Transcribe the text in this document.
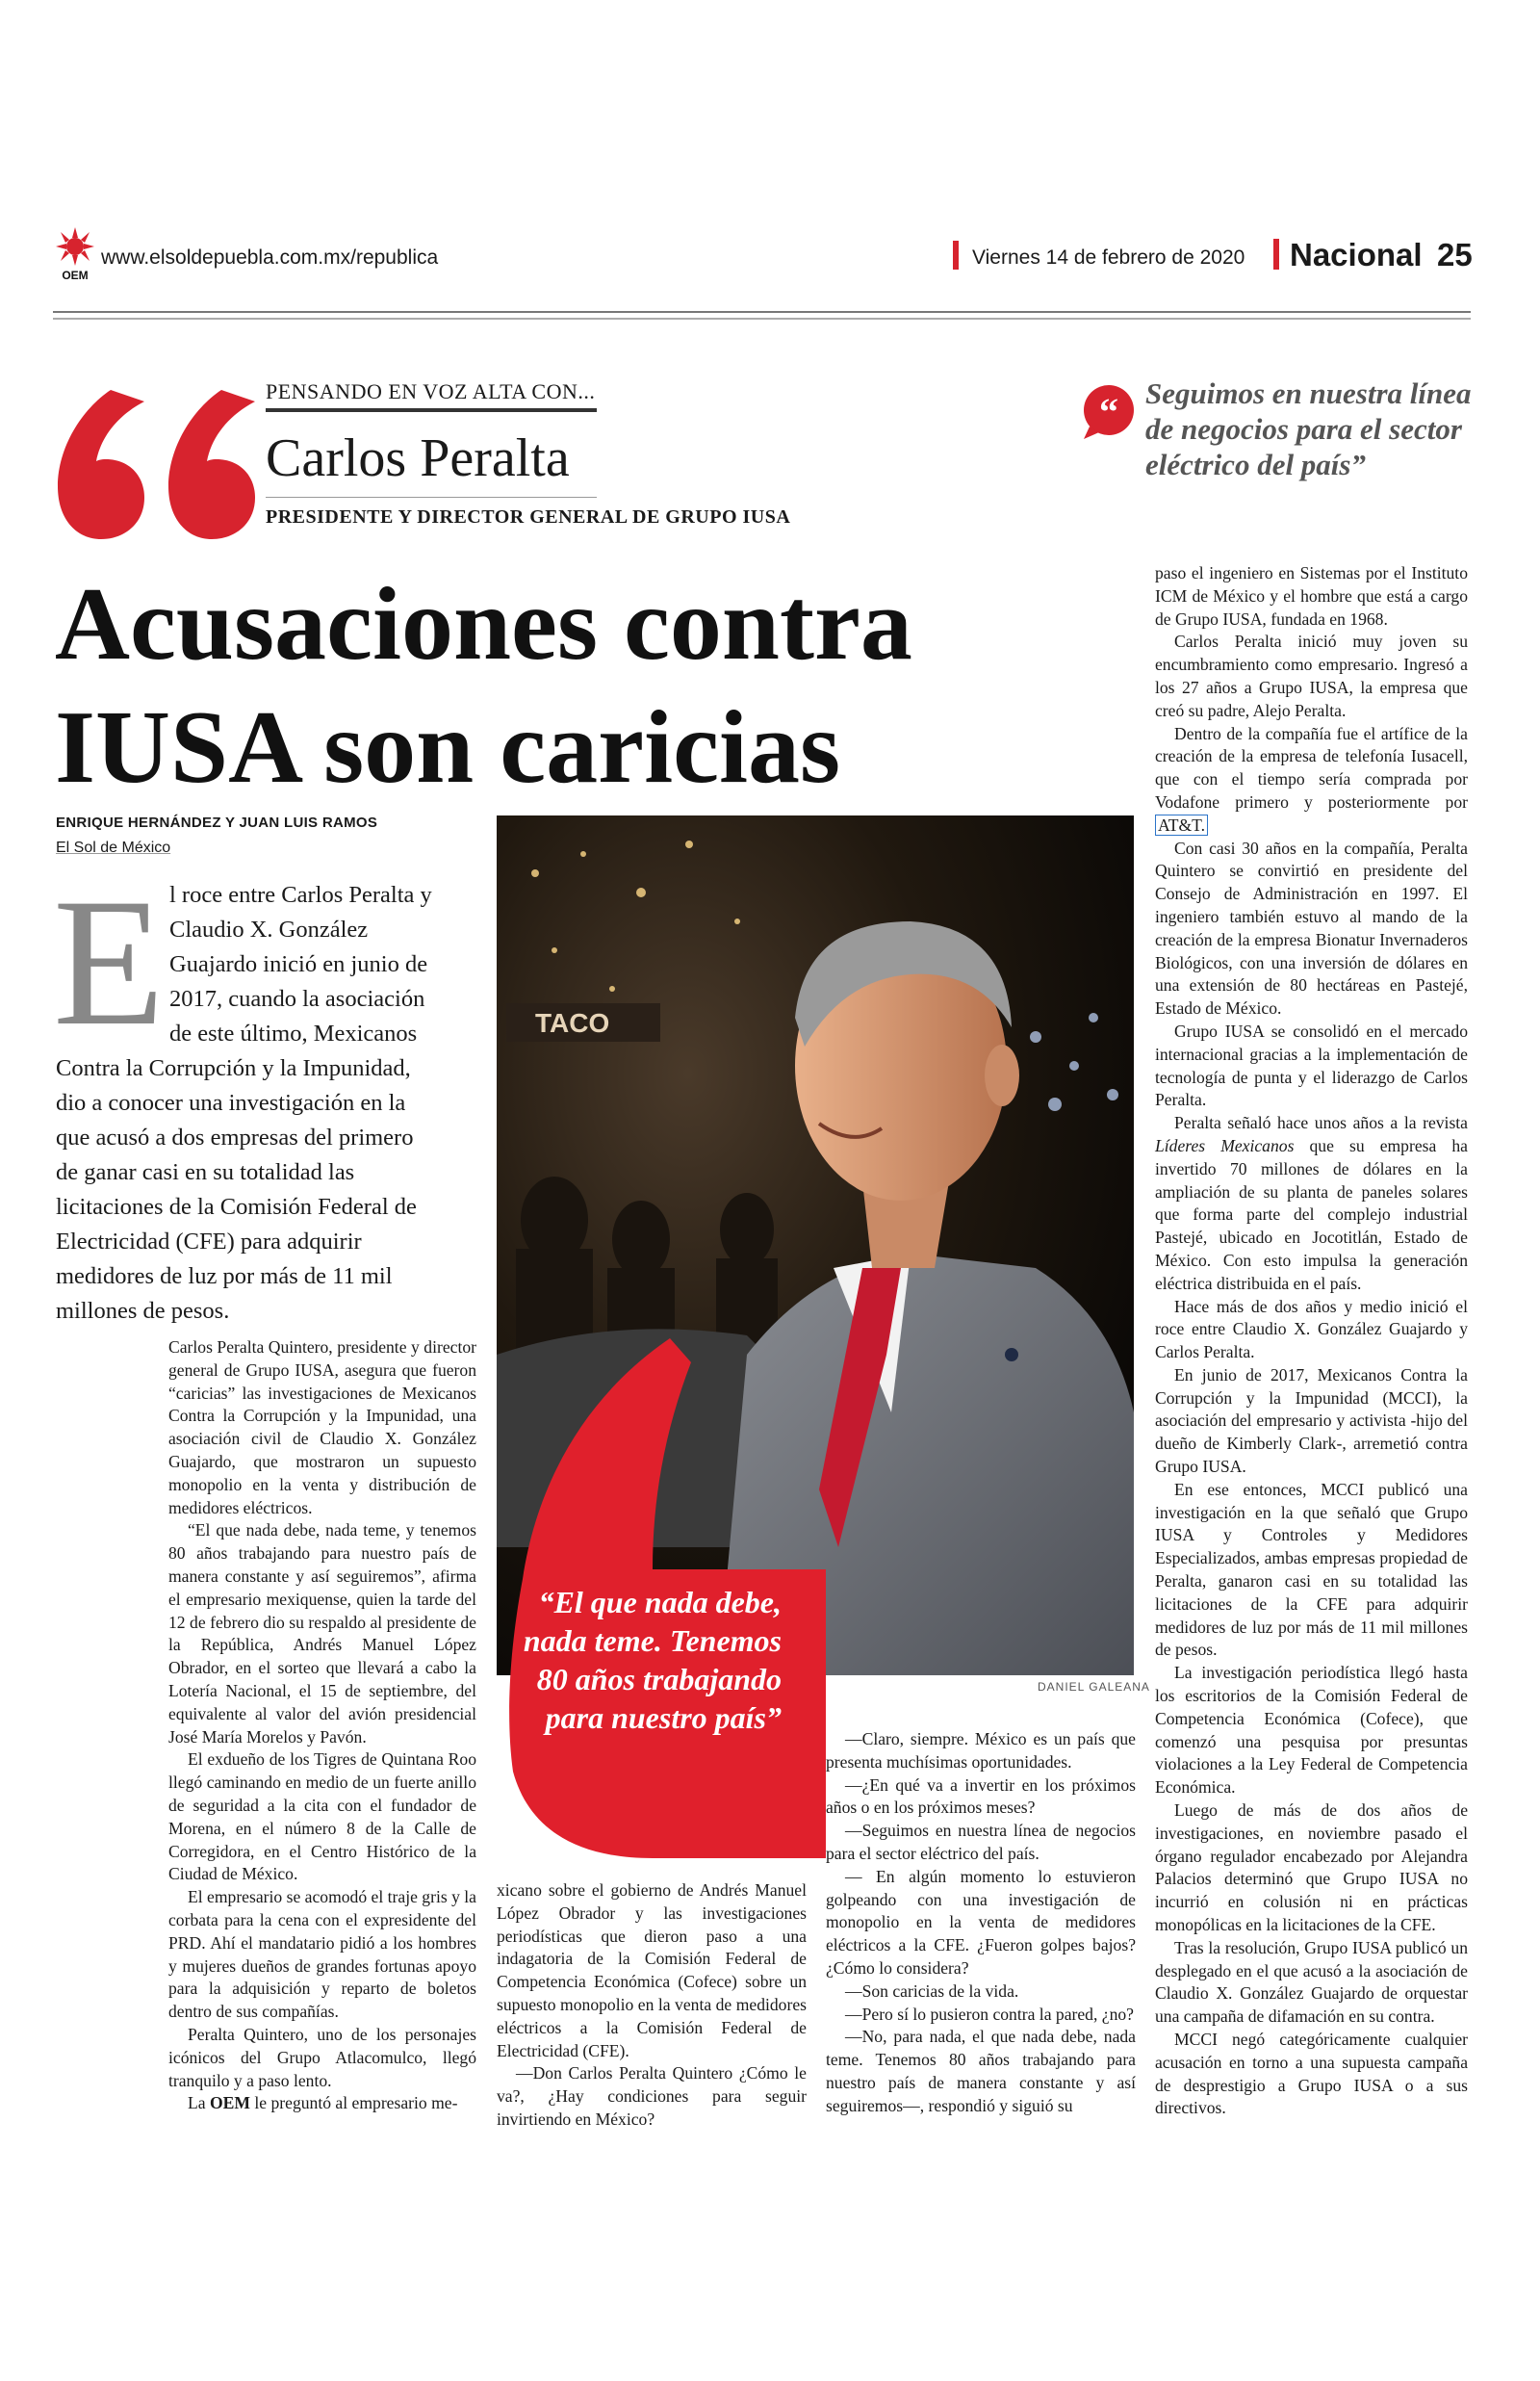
OEM
www.elsoldepuebla.com.mx/republica	Viernes 14 de febrero de 2020 Nacional 25
PENSANDO EN VOZ ALTA CON...
Carlos Peralta
PRESIDENTE Y DIRECTOR GENERAL DE GRUPO IUSA
“ Seguimos en nuestra línea de negocios para el sector eléctrico del país”
Acusaciones contra
IUSA son caricias
ENRIQUE HERNÁNDEZ Y JUAN LUIS RAMOS
El Sol de México
E l roce entre Carlos Peralta y
Claudio X. González
Guajardo inició en junio de
2017, cuando la asociación
de este último, Mexicanos
Contra la Corrupción y la Impunidad,
dio a conocer una investigación en la
que acusó a dos empresas del primero
de ganar casi en su totalidad las
licitaciones de la Comisión Federal de
Electricidad (CFE) para adquirir
medidores de luz por más de 11 mil
millones de pesos.

Carlos Peralta Quintero, presidente y director general de Grupo IUSA, asegura que fueron “caricias” las investigaciones de Mexicanos Contra la Corrupción y la Impunidad, una asociación civil de Claudio X. González Guajardo, que mostraron un supuesto monopolio en la venta y distribución de medidores eléctricos.

“El que nada debe, nada teme, y tenemos 80 años trabajando para nuestro país de manera constante y así seguiremos”, afirma el empresario mexiquense, quien la tarde del 12 de febrero dio su respaldo al presidente de la República, Andrés Manuel López Obrador, en el sorteo que llevará a cabo la Lotería Nacional, el 15 de septiembre, del equivalente al valor del avión presidencial José María Morelos y Pavón.

El exdueño de los Tigres de Quintana Roo llegó caminando en medio de un fuerte anillo de seguridad a la cita con el fundador de Morena, en el número 8 de la Calle de Corregidora, en el Centro Histórico de la Ciudad de México.

El empresario se acomodó el traje gris y la corbata para la cena con el expresidente del PRD. Ahí el mandatario pidió a los hombres y mujeres dueños de grandes fortunas apoyo para la adquisición y reparto de boletos dentro de sus compañías.

Peralta Quintero, uno de los personajes icónicos del Grupo Atlacomulco, llegó tranquilo y a paso lento.

La OEM le preguntó al empresario me-

TACO
DANIEL GALEANA
“El que nada debe, nada teme. Tenemos 80 años trabajando para nuestro país”

xicano sobre el gobierno de Andrés Manuel López Obrador y las investigaciones periodísticas que dieron paso a una indagatoria de la Comisión Federal de Competencia Económica (Cofece) sobre un supuesto monopolio en la venta de medidores eléctricos a la Comisión Federal de Electricidad (CFE).

—Don Carlos Peralta Quintero ¿Cómo le va?, ¿Hay condiciones para seguir invirtiendo en México?

—Claro, siempre. México es un país que presenta muchísimas oportunidades.

—¿En qué va a invertir en los próximos años o en los próximos meses?

—Seguimos en nuestra línea de negocios para el sector eléctrico del país.

— En algún momento lo estuvieron golpeando con una investigación de monopolio en la venta de medidores eléctricos a la CFE. ¿Fueron golpes bajos? ¿Cómo lo considera?

—Son caricias de la vida.

—Pero sí lo pusieron contra la pared, ¿no?

—No, para nada, el que nada debe, nada teme. Tenemos 80 años trabajando para nuestro país de manera constante y así seguiremos—, respondió y siguió su

paso el ingeniero en Sistemas por el Instituto ICM de México y el hombre que está a cargo de Grupo IUSA, fundada en 1968.

Carlos Peralta inició muy joven su encumbramiento como empresario. Ingresó a los 27 años a Grupo IUSA, la empresa que creó su padre, Alejo Peralta.

Dentro de la compañía fue el artífice de la creación de la empresa de telefonía Iusacell, que con el tiempo sería comprada por Vodafone primero y posteriormente por AT&T.

Con casi 30 años en la compañía, Peralta Quintero se convirtió en presidente del Consejo de Administración en 1997. El ingeniero también estuvo al mando de la creación de la empresa Bionatur Invernaderos Biológicos, con una inversión de dólares en una extensión de 80 hectáreas en Pastejé, Estado de México.

Grupo IUSA se consolidó en el mercado internacional gracias a la implementación de tecnología de punta y el liderazgo de Carlos Peralta.

Peralta señaló hace unos años a la revista Líderes Mexicanos que su empresa ha invertido 70 millones de dólares en la ampliación de su planta de paneles solares que forma parte del complejo industrial Pastejé, ubicado en Jocotitlán, Estado de México. Con esto impulsa la generación eléctrica distribuida en el país.

Hace más de dos años y medio inició el roce entre Claudio X. González Guajardo y Carlos Peralta.

En junio de 2017, Mexicanos Contra la Corrupción y la Impunidad (MCCI), la asociación del empresario y activista -hijo del dueño de Kimberly Clark-, arremetió contra Grupo IUSA.

En ese entonces, MCCI publicó una investigación en la que señaló que Grupo IUSA y Controles y Medidores Especializados, ambas empresas propiedad de Peralta, ganaron casi en su totalidad las licitaciones de la CFE para adquirir medidores de luz por más de 11 mil millones de pesos.

La investigación periodística llegó hasta los escritorios de la Comisión Federal de Competencia Económica (Cofece), que comenzó una pesquisa por presuntas violaciones a la Ley Federal de Competencia Económica.

Luego de más de dos años de investigaciones, en noviembre pasado el órgano regulador encabezado por Alejandra Palacios determinó que Grupo IUSA no incurrió en colusión ni en prácticas monopólicas en la licitaciones de la CFE.

Tras la resolución, Grupo IUSA publicó un desplegado en el que acusó a la asociación de Claudio X. González Guajardo de orquestar una campaña de difamación en su contra.

MCCI negó categóricamente cualquier acusación en torno a una supuesta campaña de desprestigio a Grupo IUSA o a sus directivos.
